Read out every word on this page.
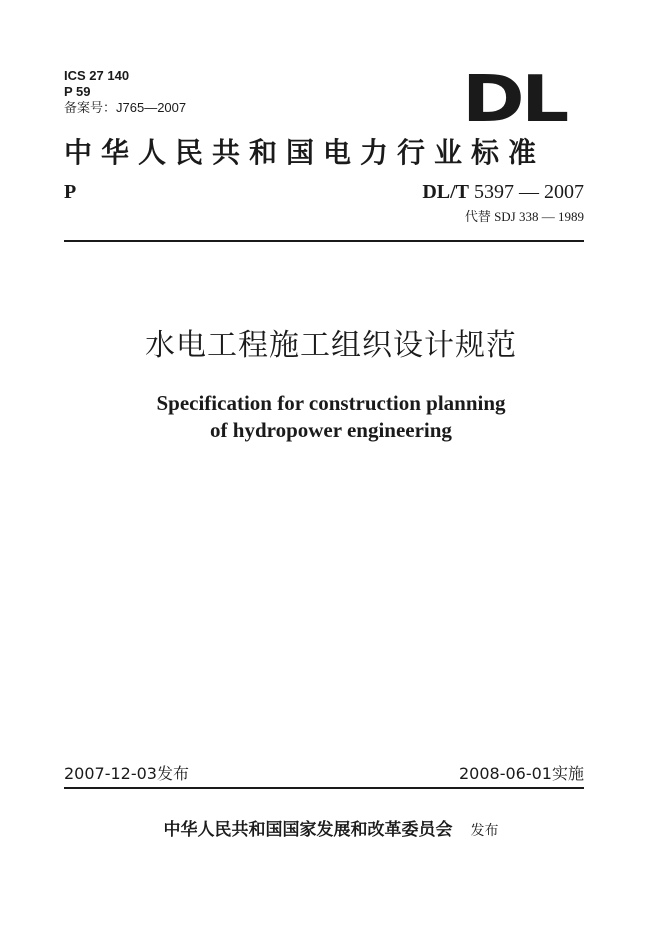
ICS 27 140
P 59
备案号：J765—2007	DL
中华人民共和国电力行业标准
P	DL/T 5397 — 2007
代替 SDJ 338 — 1989
水电工程施工组织设计规范
Specification for construction planning
of hydropower engineering
2007-12-03发布	2008-06-01实施
中华人民共和国国家发展和改革委员会 发布
